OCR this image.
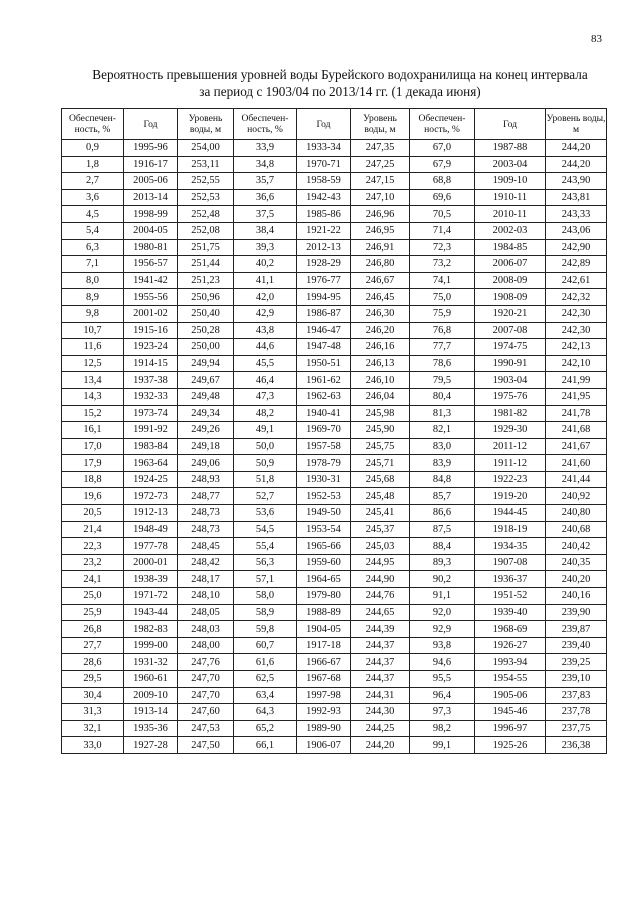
83
Вероятность превышения уровней воды Бурейского водохранилища на конец интервала
за период с 1903/04 по 2013/14 гг. (1 декада июня)
Обеспечен-ность, %	Год	Уровень воды, м	Обеспечен-ность, %	Год	Уровень воды, м	Обеспечен-ность, %	Год	Уровень воды, м
0,9	1995-96	254,00	33,9	1933-34	247,35	67,0	1987-88	244,20
1,8	1916-17	253,11	34,8	1970-71	247,25	67,9	2003-04	244,20
2,7	2005-06	252,55	35,7	1958-59	247,15	68,8	1909-10	243,90
3,6	2013-14	252,53	36,6	1942-43	247,10	69,6	1910-11	243,81
4,5	1998-99	252,48	37,5	1985-86	246,96	70,5	2010-11	243,33
5,4	2004-05	252,08	38,4	1921-22	246,95	71,4	2002-03	243,06
6,3	1980-81	251,75	39,3	2012-13	246,91	72,3	1984-85	242,90
7,1	1956-57	251,44	40,2	1928-29	246,80	73,2	2006-07	242,89
8,0	1941-42	251,23	41,1	1976-77	246,67	74,1	2008-09	242,61
8,9	1955-56	250,96	42,0	1994-95	246,45	75,0	1908-09	242,32
9,8	2001-02	250,40	42,9	1986-87	246,30	75,9	1920-21	242,30
10,7	1915-16	250,28	43,8	1946-47	246,20	76,8	2007-08	242,30
11,6	1923-24	250,00	44,6	1947-48	246,16	77,7	1974-75	242,13
12,5	1914-15	249,94	45,5	1950-51	246,13	78,6	1990-91	242,10
13,4	1937-38	249,67	46,4	1961-62	246,10	79,5	1903-04	241,99
14,3	1932-33	249,48	47,3	1962-63	246,04	80,4	1975-76	241,95
15,2	1973-74	249,34	48,2	1940-41	245,98	81,3	1981-82	241,78
16,1	1991-92	249,26	49,1	1969-70	245,90	82,1	1929-30	241,68
17,0	1983-84	249,18	50,0	1957-58	245,75	83,0	2011-12	241,67
17,9	1963-64	249,06	50,9	1978-79	245,71	83,9	1911-12	241,60
18,8	1924-25	248,93	51,8	1930-31	245,68	84,8	1922-23	241,44
19,6	1972-73	248,77	52,7	1952-53	245,48	85,7	1919-20	240,92
20,5	1912-13	248,73	53,6	1949-50	245,41	86,6	1944-45	240,80
21,4	1948-49	248,73	54,5	1953-54	245,37	87,5	1918-19	240,68
22,3	1977-78	248,45	55,4	1965-66	245,03	88,4	1934-35	240,42
23,2	2000-01	248,42	56,3	1959-60	244,95	89,3	1907-08	240,35
24,1	1938-39	248,17	57,1	1964-65	244,90	90,2	1936-37	240,20
25,0	1971-72	248,10	58,0	1979-80	244,76	91,1	1951-52	240,16
25,9	1943-44	248,05	58,9	1988-89	244,65	92,0	1939-40	239,90
26,8	1982-83	248,03	59,8	1904-05	244,39	92,9	1968-69	239,87
27,7	1999-00	248,00	60,7	1917-18	244,37	93,8	1926-27	239,40
28,6	1931-32	247,76	61,6	1966-67	244,37	94,6	1993-94	239,25
29,5	1960-61	247,70	62,5	1967-68	244,37	95,5	1954-55	239,10
30,4	2009-10	247,70	63,4	1997-98	244,31	96,4	1905-06	237,83
31,3	1913-14	247,60	64,3	1992-93	244,30	97,3	1945-46	237,78
32,1	1935-36	247,53	65,2	1989-90	244,25	98,2	1996-97	237,75
33,0	1927-28	247,50	66,1	1906-07	244,20	99,1	1925-26	236,38
